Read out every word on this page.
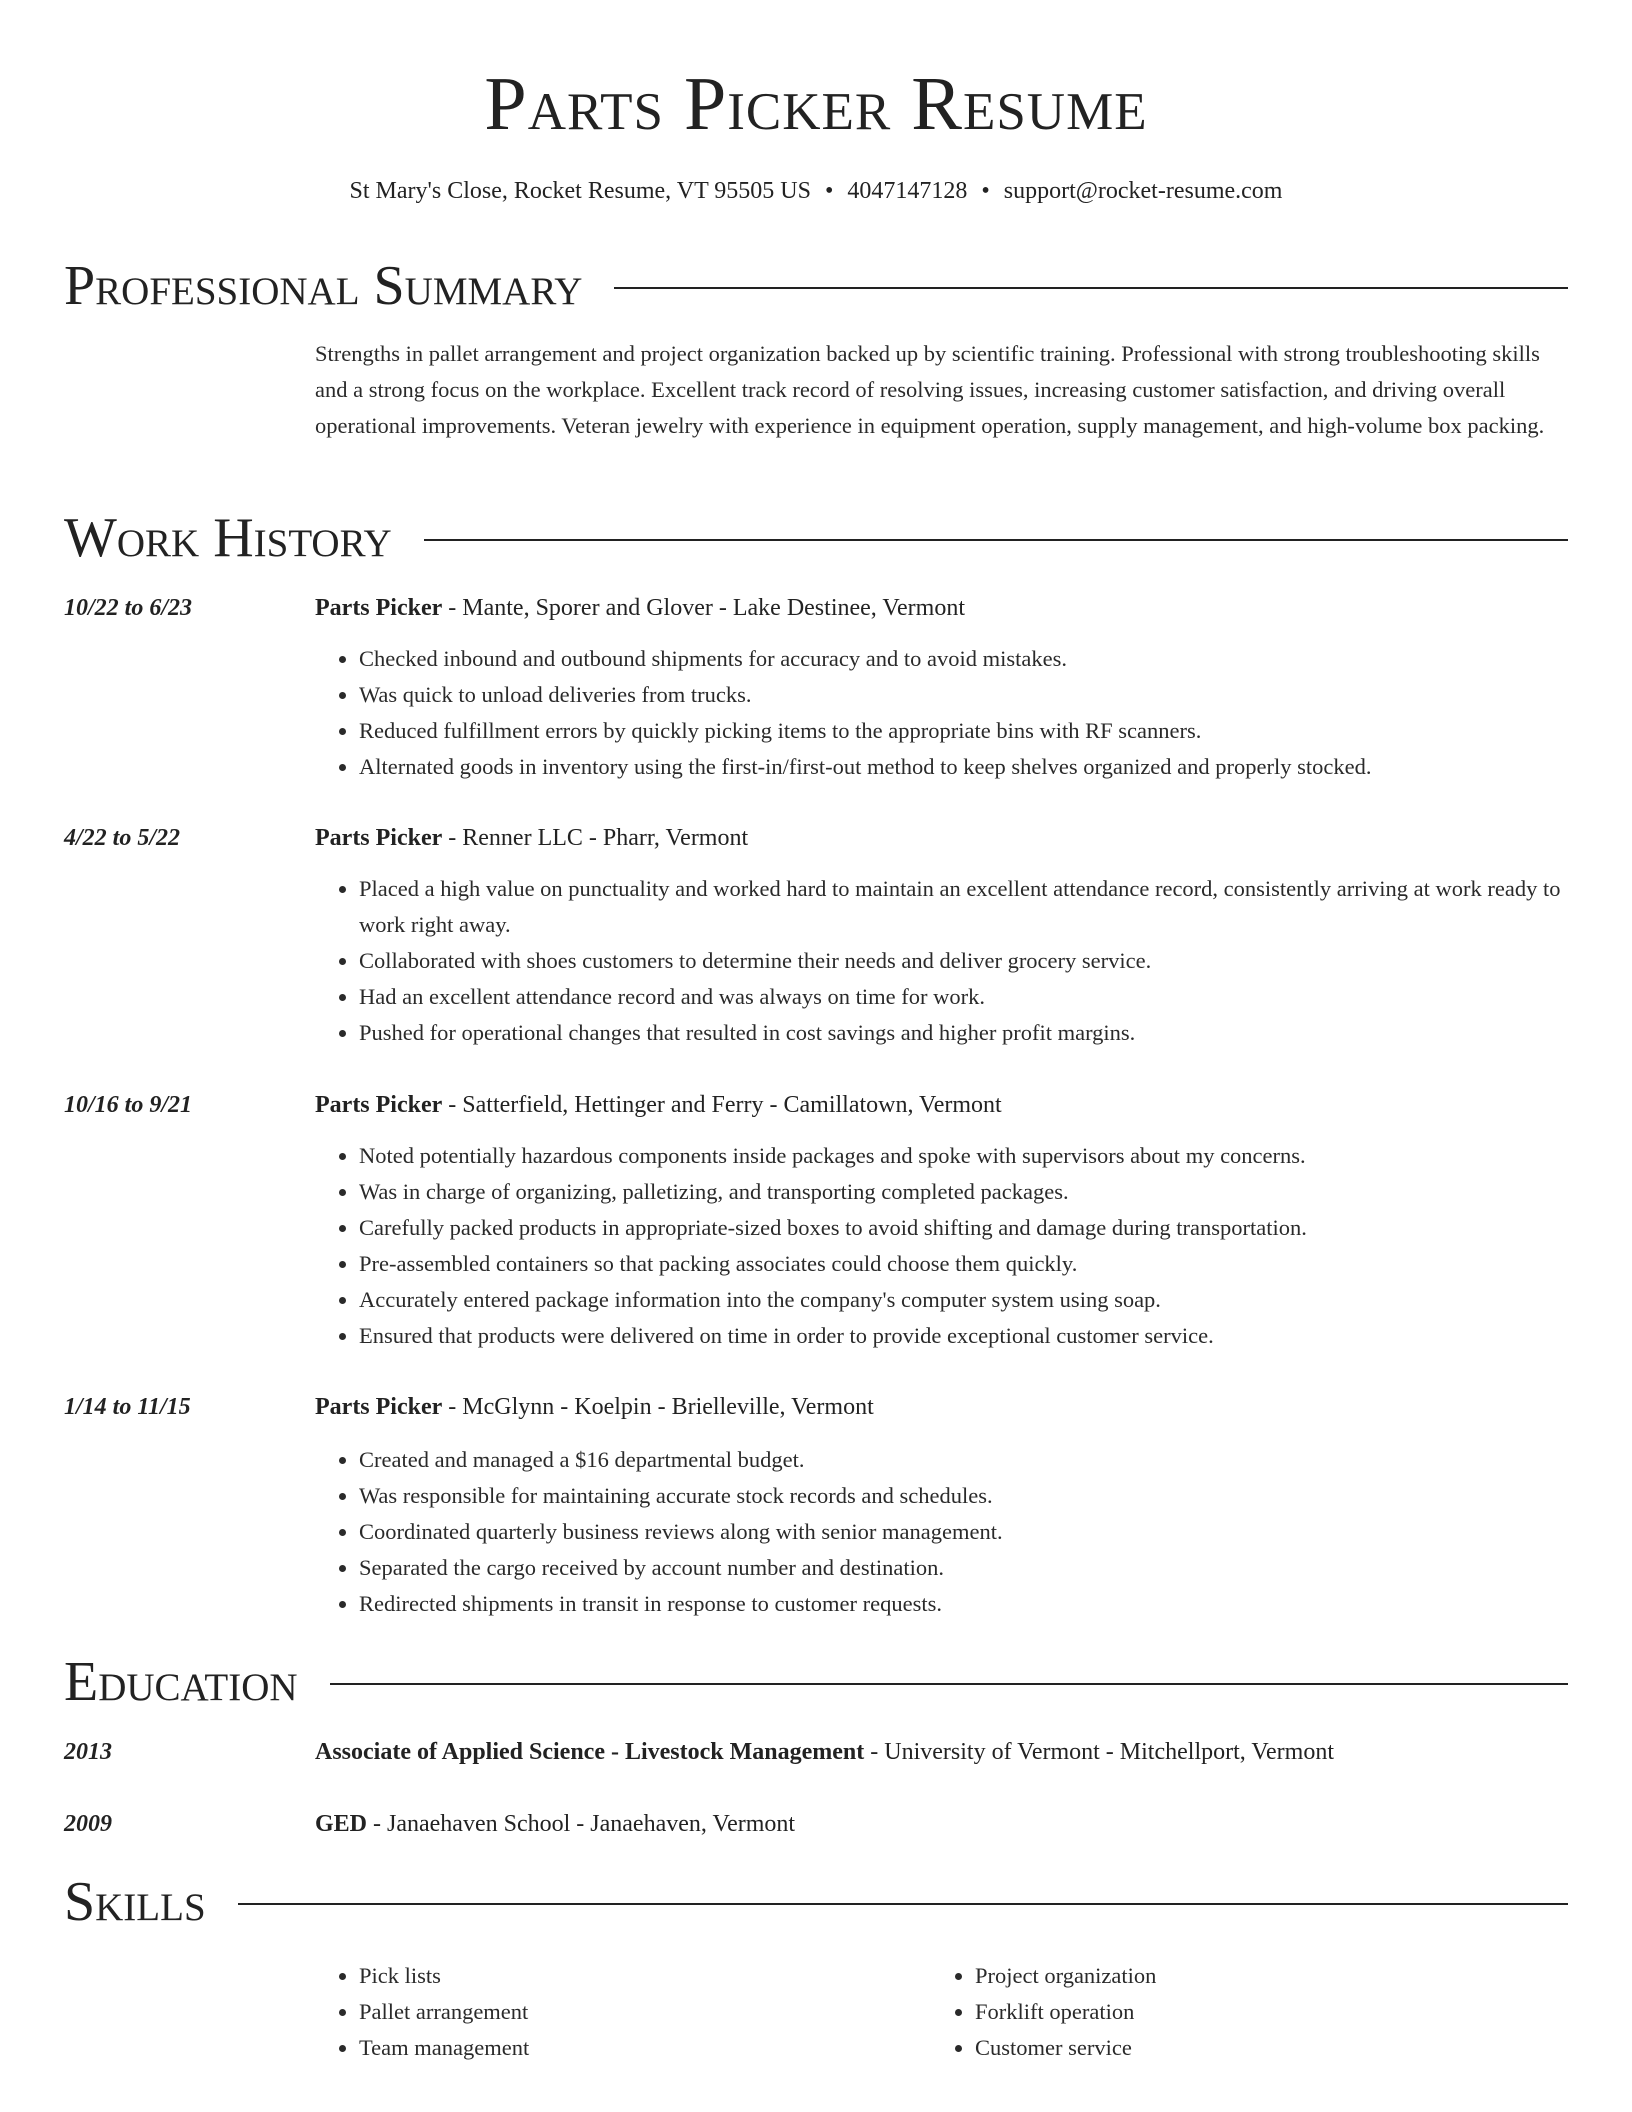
Parts Picker Resume
St Mary's Close, Rocket Resume, VT 95505 US • 4047147128 • support@rocket-resume.com
Professional Summary

Strengths in pallet arrangement and project organization backed up by scientific training. Professional with strong troubleshooting skills and a strong focus on the workplace. Excellent track record of resolving issues, increasing customer satisfaction, and driving overall operational improvements. Veteran jewelry with experience in equipment operation, supply management, and high-volume box packing.

Work History
10/22 to 6/23	Parts Picker - Mante, Sporer and Glover - Lake Destinee, Vermont
• Checked inbound and outbound shipments for accuracy and to avoid mistakes.
• Was quick to unload deliveries from trucks.
• Reduced fulfillment errors by quickly picking items to the appropriate bins with RF scanners.
• Alternated goods in inventory using the first-in/first-out method to keep shelves organized and properly stocked.
4/22 to 5/22	Parts Picker - Renner LLC - Pharr, Vermont
• Placed a high value on punctuality and worked hard to maintain an excellent attendance record, consistently arriving at work ready to work right away.
• Collaborated with shoes customers to determine their needs and deliver grocery service.
• Had an excellent attendance record and was always on time for work.
• Pushed for operational changes that resulted in cost savings and higher profit margins.
10/16 to 9/21	Parts Picker - Satterfield, Hettinger and Ferry - Camillatown, Vermont
• Noted potentially hazardous components inside packages and spoke with supervisors about my concerns.
• Was in charge of organizing, palletizing, and transporting completed packages.
• Carefully packed products in appropriate-sized boxes to avoid shifting and damage during transportation.
• Pre-assembled containers so that packing associates could choose them quickly.
• Accurately entered package information into the company's computer system using soap.
• Ensured that products were delivered on time in order to provide exceptional customer service.
1/14 to 11/15	Parts Picker - McGlynn - Koelpin - Brielleville, Vermont
• Created and managed a $16 departmental budget.
• Was responsible for maintaining accurate stock records and schedules.
• Coordinated quarterly business reviews along with senior management.
• Separated the cargo received by account number and destination.
• Redirected shipments in transit in response to customer requests.
Education
2013	Associate of Applied Science - Livestock Management - University of Vermont - Mitchellport, Vermont
2009	GED - Janaehaven School - Janaehaven, Vermont
Skills
• Pick lists
• Pallet arrangement
• Team management
• Project organization
• Forklift operation
• Customer service
